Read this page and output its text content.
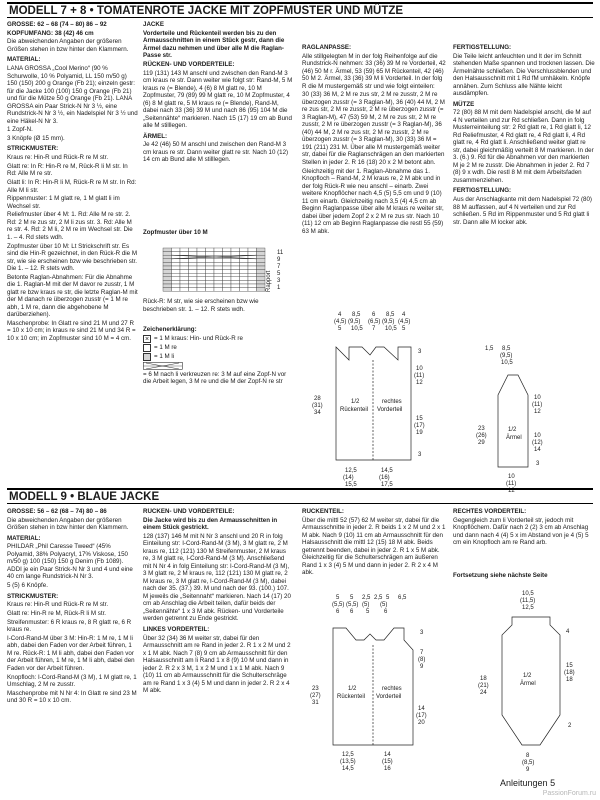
MODELL 7 + 8 • TOMATENROTE JACKE MIT ZOPFMUSTER UND MÜTZE

GRÖSSE: 62 – 68 (74 – 80) 86 – 92

KOPFUMFANG: 38 (42) 46 cm

Die abweichenden Angaben der größeren Größen stehen in bzw hinter den Klammern.

MATERIAL:

LANA GROSSA „Cool Merino“ (90 % Schurwolle, 10 % Polyamid, LL 150 m/50 g) 150 (150) 200 g Orange (Fb 21); einzeln gestr: für die Jacke 100 (100) 150 g Orange (Fb 21) und für die Mütze 50 g Orange (Fb 21). LANA GROSSA ein Paar Strick-N Nr 3 ½, eine Rundstrick-N Nr 3 ½, ein Nadelspiel Nr 3 ½ und eine Häkel-N Nr 3.

1 Zopf-N.

3 Knöpfe (Ø 15 mm).

STRICKMUSTER:

Kraus re: Hin-R und Rück-R re M str.

Glatt re: In R: Hin-R re M, Rück-R li M str. In Rd: Alle M re str.

Glatt li: In R: Hin-R li M, Rück-R re M str. In Rd: Alle M li str.

Rippenmuster: 1 M glatt re, 1 M glatt li im Wechsel str.

Reliefmuster über 4 M: 1. Rd: Alle M re str. 2. Rd: 2 M re zus str, 2 M li zus str. 3. Rd: Alle M re str. 4. Rd: 2 M li, 2 M re im Wechsel str. Die 1. – 4. Rd stets wdh.

Zopfmuster über 10 M: Lt Strickschrift str. Es sind die Hin-R gezeichnet, in den Rück-R die M str, wie sie erscheinen bzw wie beschrieben str. Die 1. – 12. R stets wdh.

Betonte Raglan-Abnahmen: Für die Abnahme die 1. Raglan-M mit der M davor re zusstr, 1 M glatt re bzw kraus re str, die letzte Raglan-M mit der M danach re überzogen zusstr (= 1 M re abh, 1 M re, dann die abgehobene M darüberziehen).

Maschenprobe: In Glatt re sind 21 M und 27 R = 10 x 10 cm; in kraus re sind 21 M und 34 R = 10 x 10 cm; im Zopfmuster sind 10 M = 4 cm.

JACKE

Vorderteile und Rückenteil werden bis zu den Armausschnitten in einem Stück gestr, dann die Ärmel dazu nehmen und über alle M die Raglan-Passe str.

RÜCKEN- UND VORDERTEILE:

119 (131) 143 M anschl und zwischen den Rand-M 3 cm kraus re str. Dann weiter wie folgt str: Rand-M, 5 M kraus re (= Blende), 4 (6) 8 M glatt re, 10 M Zopfmuster, 79 (89) 99 M glatt re, 10 M Zopfmuster, 4 (6) 8 M glatt re, 5 M kraus re (= Blende), Rand-M, dabei nach 33 (36) 39 M und nach 86 (95) 104 M die „Seitennähte“ markieren. Nach 15 (17) 19 cm ab Bund alle M stilllegen.

ÄRMEL:

Je 42 (46) 50 M anschl und zwischen den Rand-M 3 cm kraus re str. Dann weiter glatt re str. Nach 10 (12) 14 cm ab Bund alle M stilllegen.

Zopfmuster über 10 M

11
9
7
5
3
1
Rapport

Rück-R: M str, wie sie erscheinen bzw wie beschrieben str. 1. – 12. R stets wdh.

Zeichenerklärung:

×
= 1 M kraus: Hin- und Rück-R re
= 1 M re
= 1 M li

= 6 M nach li verkreuzen re: 3 M auf eine Zopf-N vor die Arbeit legen, 3 M re und die M der Zopf-N re str

RAGLANPASSE:

Alle stillgelegten M in der folg Reihenfolge auf die Rundstrick-N nehmen: 33 (36) 39 M re Vorderteil, 42 (46) 50 M r. Ärmel, 53 (59) 65 M Rückenteil, 42 (46) 50 M 2. Ärmel, 33 (36) 39 M li Vorderteil. In der folg R die M mustergemäß str und wie folgt einteilen:

30 (33) 36 M, 2 M re zus str, 2 M re zusstr, 2 M re überzogen zusstr (= 3 Raglan-M), 36 (40) 44 M, 2 M re zus str, 2 M re zusstr, 2 M re überzogen zusstr (= 3 Raglan-M), 47 (53) 59 M, 2 M re zus str, 2 M re zusstr, 2 M re überzogen zusstr (= 3 Raglan-M), 36 (40) 44 M, 2 M re zus str, 2 M re zusstr, 2 M re überzogen zusstr (= 3 Raglan-M), 30 (33) 36 M = 191 (211) 231 M. Über alle M mustergemäß weiter str, dabei für die Raglanschrägen an den markierten Stellen in jeder 2. R 16 (18) 20 x 2 M betont abn.

Gleichzeitig mit der 1. Raglan-Abnahme das 1. Knopfloch – Rand-M, 2 M kraus re, 2 M abk und in der folg Rück-R wie neu anschl – einarb. Zwei weitere Knopflöcher nach 4,5 (5) 5,5 cm und 9 (10) 11 cm einarb. Gleichzeitig nach 3,5 (4) 4,5 cm ab Beginn Raglanpasse über alle M kraus re weiter str, dabei über jedem Zopf 2 x 2 M re zus str. Nach 10 (11) 12 cm ab Beginn Raglanpasse die restl 55 (59) 63 M abk.

FERTIGSTELLUNG:

Die Teile leicht anfeuchten und lt der im Schnitt stehenden Maße spannen und trocknen lassen. Die Ärmelnähte schließen. Die Verschlussblenden und den Halsausschnitt mit 1 Rd fM umhäkeln. Knöpfe annähen. Zum Schluss alle Nähte leicht ausdämpfen.

MÜTZE

72 (80) 88 M mit dem Nadelspiel anschl, die M auf 4 N verteilen und zur Rd schließen. Dann in folg Musterreinteilung str: 2 Rd glatt re, 1 Rd glatt li, 12 Rd Reliefmuster, 4 Rd glatt re, 4 Rd glatt li, 4 Rd glatt re, 4 Rd glatt li. Anschließend weiter glatt re str, dabei gleichmäßig verteilt 8 M markieren. In der 3. (6.) 9. Rd für die Abnahmen vor den markierten M je 2 M re zusstr. Die Abnahmen in jeder 2. Rd 7 (8) 9 x wdh. Die restl 8 M mit dem Arbeitsfaden zusammenziehen.

FERTIGSTELLUNG:

Aus der Anschlagkante mit dem Nadelspiel 72 (80) 88 M auffassen, auf 4 N verteilen und zur Rd schließen. 5 Rd im Rippenmuster und 5 Rd glatt li str. Dann alle M locker abk.

4 8,5 6 8,5 4
(4,5) (9,5) (6,5) (9,5) (4,5)
5 10,5 7 10,5 5
28
(31)
34
3
10
(11)
12
15
(17)
19
3
1/2
Rückenteil
rechtes
Vorderteil
12,5
(14)
15,5
14,5
(16)
17,5
1,5 8,5
(9,5)
10,5
23
(26)
29
10
(11)
12
10
(12)
14
3
1/2
Ärmel
10
(11)
12
MODELL 9 • BLAUE JACKE

GRÖSSE: 56 – 62 (68 – 74) 80 – 86

Die abweichenden Angaben der größeren Größen stehen in bzw hinter den Klammern.

MATERIAL:

PHILDAR „Phil Caresse Tweed“ (45% Polyamid, 38% Polyacryl, 17% Viskose, 150 m/50 g) 100 (150) 150 g Denim (Fb 1089). ADDI je ein Paar Strick-N Nr 3 und 4 und eine 40 cm lange Rundstrick-N Nr 3.

5 (5) 6 Knöpfe.

STRICKMUSTER:

Kraus re: Hin-R und Rück-R re M str.

Glatt re: Hin-R re M, Rück-R li M str.

Streifenmuster: 6 R kraus re, 8 R glatt re, 6 R kraus re.

I-Cord-Rand-M über 3 M: Hin-R: 1 M re, 1 M li abh, dabei den Faden vor der Arbeit führen, 1 M re. Rück-R: 1 M li abh, dabei den Faden vor der Arbeit führen, 1 M re, 1 M li abh, dabei den Faden vor der Arbeit führen.

Knopfloch: I-Cord-Rand-M (3 M), 1 M glatt re, 1 Umschlag, 2 M re zusstr.

Maschenprobe mit N Nr 4: In Glatt re sind 23 M und 30 R = 10 x 10 cm.

RÜCKEN- UND VORDERTEILE:

Die Jacke wird bis zu den Armausschnitten in einem Stück gestrickt.

128 (137) 146 M mit N Nr 3 anschl und 20 R in folg Einteilung str: I-Cord-Rand-M (3 M), 3 M glatt re, 2 M kraus re, 112 (121) 130 M Streifenmuster, 2 M kraus re, 3 M glatt re, I-Cord-Rand-M (3 M). Anschließend mit N Nr 4 in folg Einteilung str: I-Cord-Rand-M (3 M), 3 M glatt re, 2 M kraus re, 112 (121) 130 M glatt re, 2 M kraus re, 3 M glatt re, I-Cord-Rand-M (3 M), dabei nach der 35. (37.) 39. M und nach der 93. (100.) 107. M jeweils die „Seitennaht“ markieren. Nach 14 (17) 20 cm ab Anschlag die Arbeit teilen, dafür beids der „Seitennähte“ 1 x 3 M abk. Rücken- und Vorderteile werden getrennt zu Ende gestrickt.

LINKES VORDERTEIL:

Über 32 (34) 36 M weiter str, dabei für den Armausschnitt am re Rand in jeder 2. R 1 x 2 M und 2 x 1 M abk. Nach 7 (8) 9 cm ab Armausschnitt für den Halsausschnitt am li Rand 1 x 8 (9) 10 M und dann in jeder 2. R 2 x 3 M, 1 x 2 M und 1 x 1 M abk. Nach 9 (10) 11 cm ab Armausschnitt für die Schulterschräge am re Rand 1 x 3 (4) 5 M und dann in jeder 2. R 2 x 4 M abk.

RÜCKENTEIL:

Über die mittl 52 (57) 62 M weiter str, dabei für die Armausschnitte in jeder 2. R beids 1 x 2 M und 2 x 1 M abk. Nach 9 (10) 11 cm ab Armausschnitt für den Halsausschnitt die mittl 12 (15) 18 M abk. Beids getrennt beenden, dabei in jeder 2. R 1 x 5 M abk. Gleichzeitig für die Schulterschrägen am äußeren Rand 1 x 3 (4) 5 M und dann in jeder 2. R 2 x 4 M abk.

RECHTES VORDERTEIL:

Gegengleich zum li Vorderteil str, jedoch mit Knopflöchern. Dafür nach 2 (2) 3 cm ab Anschlag und dann nach 4 (4) 5 x im Abstand von je 4 (5) 5 cm ein Knopfloch am re Rand arb.

Fortsetzung siehe nächste Seite
5 5 2,5 2,5 5 6,5
(5,5) (5,5) (5) (5)
6 6 5 6
23
(27)
31
3
7
(8)
9
14
(17)
20
1/2
Rückenteil
rechtes
Vorderteil
12,5
(13,5)
14,5
14
(15)
16
10,5
(11,5)
12,5
18
(21)
24
4
15
(18)
18
2
1/2
Ärmel
8
(8,5)
9
Anleitungen 5
PassionForum.ru
